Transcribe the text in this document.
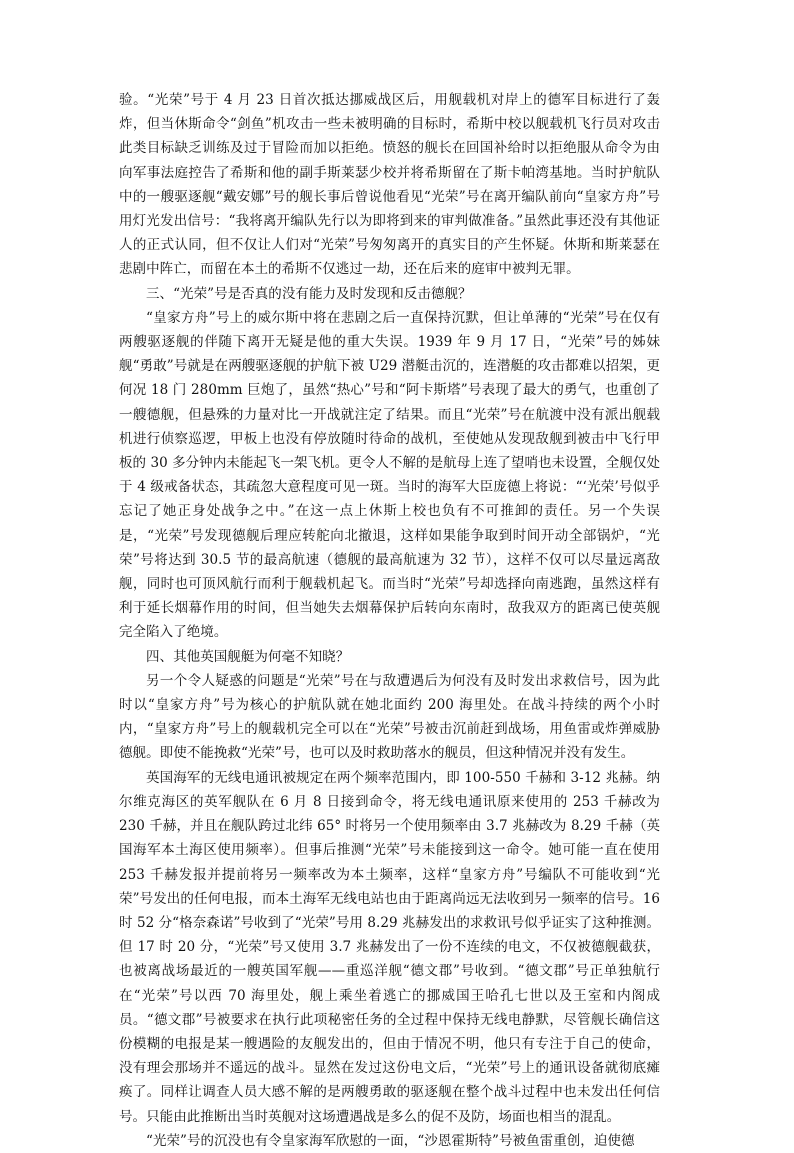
验。“光荣”号于 4 月 23 日首次抵达挪威战区后，用舰载机对岸上的德军目标进行了轰炸，但当休斯命令“剑鱼”机攻击一些未被明确的目标时，希斯中校以舰载机飞行员对攻击此类目标缺乏训练及过于冒险而加以拒绝。愤怒的舰长在回国补给时以拒绝服从命令为由向军事法庭控告了希斯和他的副手斯莱瑟少校并将希斯留在了斯卡帕湾基地。当时护航队中的一艘驱逐舰“戴安娜”号的舰长事后曾说他看见“光荣”号在离开编队前向“皇家方舟”号用灯光发出信号：“我将离开编队先行以为即将到来的审判做准备。”虽然此事还没有其他证人的正式认同，但不仅让人们对“光荣”号匆匆离开的真实目的产生怀疑。休斯和斯莱瑟在悲剧中阵亡，而留在本土的希斯不仅逃过一劫，还在后来的庭审中被判无罪。

三、“光荣”号是否真的没有能力及时发现和反击德舰？

“皇家方舟”号上的威尔斯中将在悲剧之后一直保持沉默，但让单薄的“光荣”号在仅有两艘驱逐舰的伴随下离开无疑是他的重大失误。1939 年 9 月 17 日，“光荣”号的姊妹舰“勇敢”号就是在两艘驱逐舰的护航下被 U29 潜艇击沉的，连潜艇的攻击都难以招架，更何况 18 门 280mm 巨炮了，虽然“热心”号和“阿卡斯塔”号表现了最大的勇气，也重创了一艘德舰，但悬殊的力量对比一开战就注定了结果。而且“光荣”号在航渡中没有派出舰载机进行侦察巡逻，甲板上也没有停放随时待命的战机，至使她从发现敌舰到被击中飞行甲板的 30 多分钟内未能起飞一架飞机。更令人不解的是航母上连了望哨也未设置，全舰仅处于 4 级戒备状态，其疏忽大意程度可见一斑。当时的海军大臣庞德上将说：“‘光荣’号似乎忘记了她正身处战争之中。”在这一点上休斯上校也负有不可推卸的责任。另一个失误是，“光荣”号发现德舰后理应转舵向北撤退，这样如果能争取到时间开动全部锅炉，“光荣”号将达到 30.5 节的最高航速（德舰的最高航速为 32 节），这样不仅可以尽量远离敌舰，同时也可顶风航行而利于舰载机起飞。而当时“光荣”号却选择向南逃跑，虽然这样有利于延长烟幕作用的时间，但当她失去烟幕保护后转向东南时，敌我双方的距离已使英舰完全陷入了绝境。

四、其他英国舰艇为何毫不知晓？

另一个令人疑惑的问题是“光荣”号在与敌遭遇后为何没有及时发出求救信号，因为此时以“皇家方舟”号为核心的护航队就在她北面约 200 海里处。在战斗持续的两个小时内，“皇家方舟”号上的舰载机完全可以在“光荣”号被击沉前赶到战场，用鱼雷或炸弹威胁德舰。即使不能挽救“光荣”号，也可以及时救助落水的舰员，但这种情况并没有发生。

英国海军的无线电通讯被规定在两个频率范围内，即 100-550 千赫和 3-12 兆赫。纳尔维克海区的英军舰队在 6 月 8 日接到命令，将无线电通讯原来使用的 253 千赫改为 230 千赫，并且在舰队跨过北纬 65° 时将另一个使用频率由 3.7 兆赫改为 8.29 千赫（英国海军本土海区使用频率）。但事后推测“光荣”号未能接到这一命令。她可能一直在使用 253 千赫发报并提前将另一频率改为本土频率，这样“皇家方舟”号编队不可能收到“光荣”号发出的任何电报，而本土海军无线电站也由于距离尚远无法收到另一频率的信号。16 时 52 分“格奈森诺”号收到了“光荣”号用 8.29 兆赫发出的求救讯号似乎证实了这种推测。但 17 时 20 分，“光荣”号又使用 3.7 兆赫发出了一份不连续的电文，不仅被德舰截获，也被离战场最近的一艘英国军舰——重巡洋舰“德文郡”号收到。“德文郡”号正单独航行在“光荣”号以西 70 海里处，舰上乘坐着逃亡的挪威国王哈孔七世以及王室和内阁成员。“德文郡”号被要求在执行此项秘密任务的全过程中保持无线电静默，尽管舰长确信这份模糊的电报是某一艘遇险的友舰发出的，但由于情况不明，他只有专注于自己的使命，没有理会那场并不遥远的战斗。显然在发过这份电文后，“光荣”号上的通讯设备就彻底瘫痪了。同样让调查人员大感不解的是两艘勇敢的驱逐舰在整个战斗过程中也未发出任何信号。只能由此推断出当时英舰对这场遭遇战是多么的促不及防，场面也相当的混乱。

“光荣”号的沉没也有令皇家海军欣慰的一面，“沙恩霍斯特”号被鱼雷重创，迫使德
